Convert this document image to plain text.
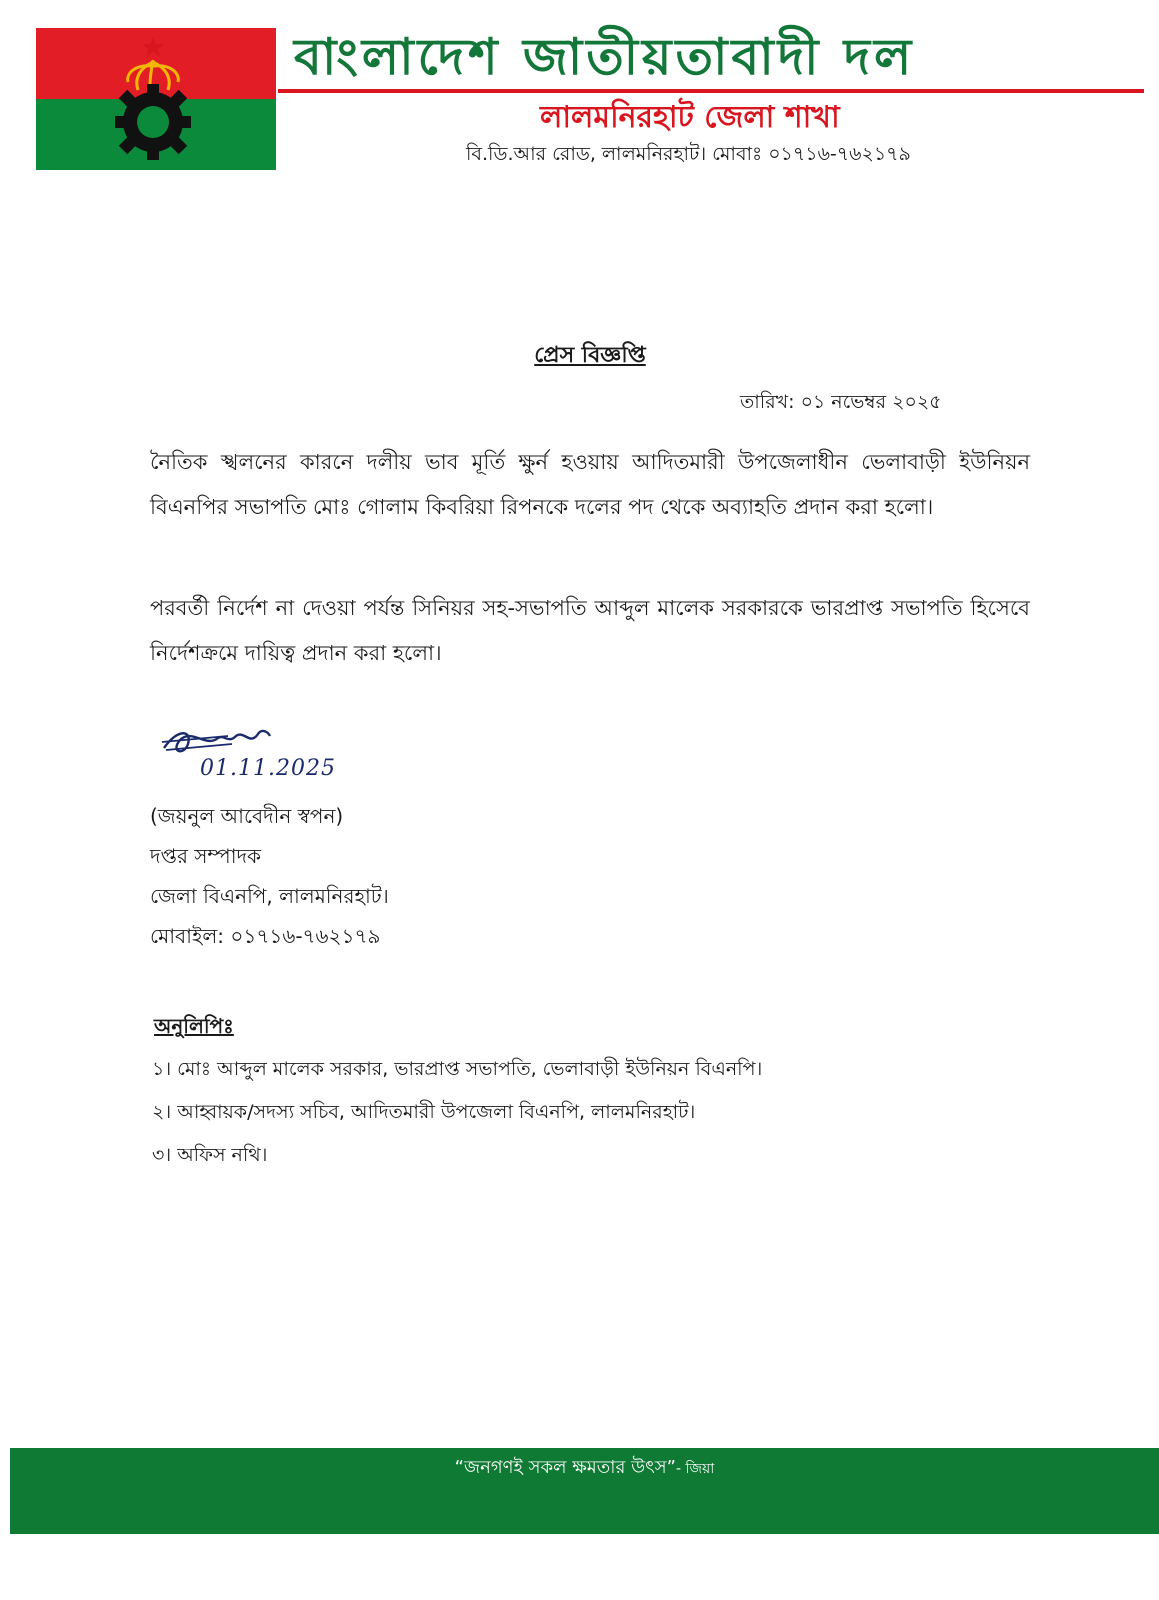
বাংলাদেশ জাতীয়তাবাদী দল
লালমনিরহাট জেলা শাখা
বি.ডি.আর রোড, লালমনিরহাট। মোবাঃ ০১৭১৬-৭৬২১৭৯
প্রেস বিজ্ঞপ্তি
তারিখ: ০১ নভেম্বর ২০২৫
নৈতিক স্খলনের কারনে দলীয় ভাব মূর্তি ক্ষুর্ন হওয়ায় আদিতমারী উপজেলাধীন ভেলাবাড়ী ইউনিয়ন বিএনপির সভাপতি মোঃ গোলাম কিবরিয়া রিপনকে দলের পদ থেকে অব্যাহতি প্রদান করা হলো।
পরবর্তী নির্দেশ না দেওয়া পর্যন্ত সিনিয়র সহ-সভাপতি আব্দুল মালেক সরকারকে ভারপ্রাপ্ত সভাপতি হিসেবে নির্দেশক্রমে দায়িত্ব প্রদান করা হলো।
01.11.2025
(জয়নুল আবেদীন স্বপন)
দপ্তর সম্পাদক
জেলা বিএনপি, লালমনিরহাট।
মোবাইল: ০১৭১৬-৭৬২১৭৯
অনুলিপিঃ
১। মোঃ আব্দুল মালেক সরকার, ভারপ্রাপ্ত সভাপতি, ভেলাবাড়ী ইউনিয়ন বিএনপি।
২। আহ্বায়ক/সদস্য সচিব, আদিতমারী উপজেলা বিএনপি, লালমনিরহাট।
৩। অফিস নথি।
“জনগণই সকল ক্ষমতার উৎস”- জিয়া
